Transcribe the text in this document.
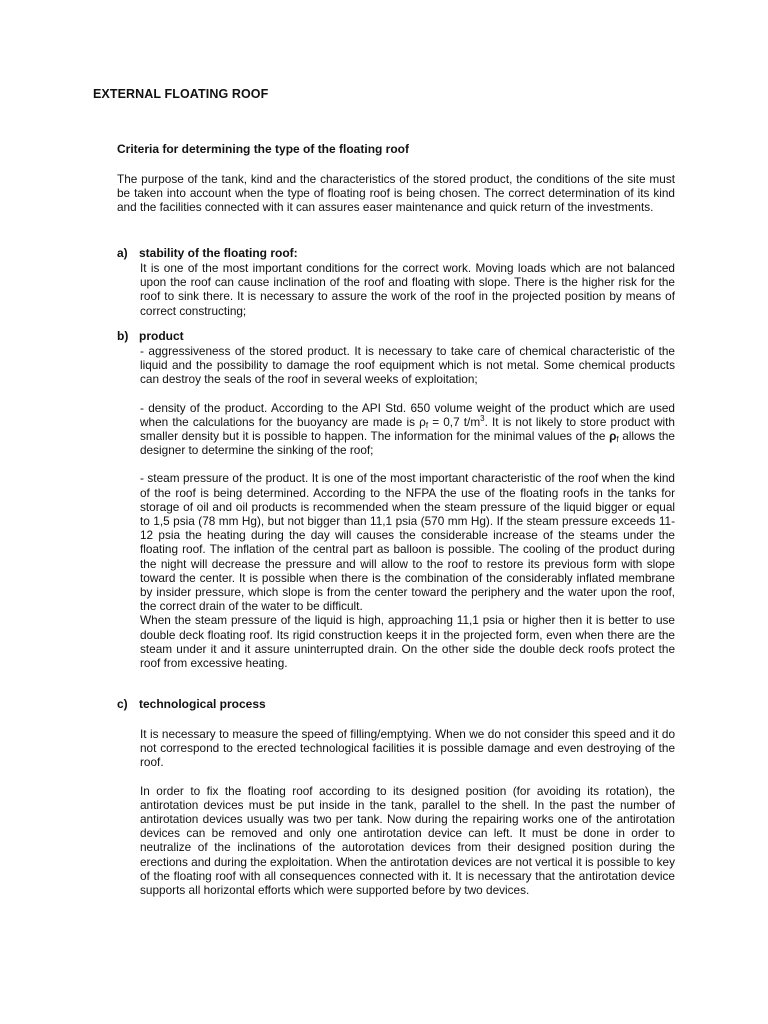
EXTERNAL FLOATING ROOF
Criteria for determining the type of the floating roof

The purpose of the tank, kind and the characteristics of the stored product, the conditions of the site must be taken into account when the type of floating roof is being chosen. The correct determination of its kind and the facilities connected with it can assures easer maintenance and quick return of the investments.

a) stability of the floating roof:

It is one of the most important conditions for the correct work. Moving loads which are not balanced upon the roof can cause inclination of the roof and floating with slope. There is the higher risk for the roof to sink there. It is necessary to assure the work of the roof in the projected position by means of correct constructing;

b) product

- aggressiveness of the stored product. It is necessary to take care of chemical characteristic of the liquid and the possibility to damage the roof equipment which is not metal. Some chemical products can destroy the seals of the roof in several weeks of exploitation;

- density of the product. According to the API Std. 650 volume weight of the product which are used when the calculations for the buoyancy are made is $\rho_f = 0,7$ $t/m^3$. It is not likely to store product with smaller density but it is possible to happen. The information for the minimal values of the $\rho_f$ allows the designer to determine the sinking of the roof;

- steam pressure of the product. It is one of the most important characteristic of the roof when the kind of the roof is being determined. According to the NFPA the use of the floating roofs in the tanks for storage of oil and oil products is recommended when the steam pressure of the liquid bigger or equal to 1,5 psia (78 mm Hg), but not bigger than 11,1 psia (570 mm Hg). If the steam pressure exceeds 11-12 psia the heating during the day will causes the considerable increase of the steams under the floating roof. The inflation of the central part as balloon is possible. The cooling of the product during the night will decrease the pressure and will allow to the roof to restore its previous form with slope toward the center. It is possible when there is the combination of the considerably inflated membrane by insider pressure, which slope is from the center toward the periphery and the water upon the roof, the correct drain of the water to be difficult.

When the steam pressure of the liquid is high, approaching 11,1 psia or higher then it is better to use double deck floating roof. Its rigid construction keeps it in the projected form, even when there are the steam under it and it assure uninterrupted drain. On the other side the double deck roofs protect the roof from excessive heating.

c) technological process

It is necessary to measure the speed of filling/emptying. When we do not consider this speed and it do not correspond to the erected technological facilities it is possible damage and even destroying of the roof.

In order to fix the floating roof according to its designed position (for avoiding its rotation), the antirotation devices must be put inside in the tank, parallel to the shell. In the past the number of antirotation devices usually was two per tank. Now during the repairing works one of the antirotation devices can be removed and only one antirotation device can left. It must be done in order to neutralize of the inclinations of the autorotation devices from their designed position during the erections and during the exploitation. When the antirotation devices are not vertical it is possible to key of the floating roof with all consequences connected with it. It is necessary that the antirotation device supports all horizontal efforts which were supported before by two devices.
